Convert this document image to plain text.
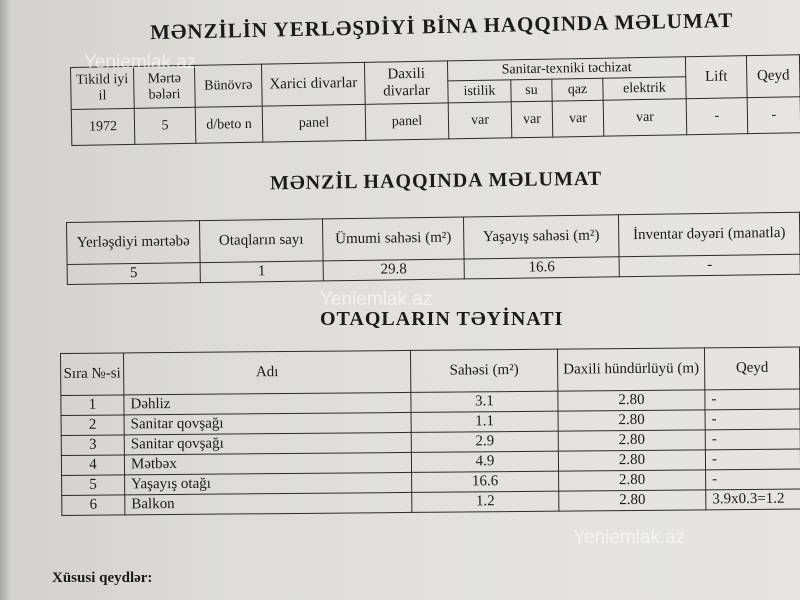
MƏNZİLİN YERLƏŞDİYİ BİNA HAQQINDA MƏLUMAT
Tikild iyi il	Mərtə bələri	Bünövrə	Xarici divarlar	Daxili divarlar	Sanitar-texniki təchizat				Lift	Qeyd
					istilik	su	qaz	elektrik		
1972	5	d/beto n	panel	panel	var	var	var	var	-	-
MƏNZİL HAQQINDA MƏLUMAT
Yerləşdiyi mərtəbə	Otaqların sayı	Ümumi sahəsi (m²)	Yaşayış sahəsi (m²)	İnventar dəyəri (manatla)
5	1	29.8	16.6	-
OTAQLARIN TƏYİNATI
Sıra №-si	Adı	Sahəsi (m²)	Daxili hündürlüyü (m)	Qeyd
1	Dəhliz	3.1	2.80	-
2	Sanitar qovşağı	1.1	2.80	-
3	Sanitar qovşağı	2.9	2.80	-
4	Mətbəx	4.9	2.80	-
5	Yaşayış otağı	16.6	2.80	-
6	Balkon	1.2	2.80	3.9x0.3=1.2
Xüsusi qeydlər:
Yeniemlak.az
Yeniemlak.az
Yeniemlak.az
